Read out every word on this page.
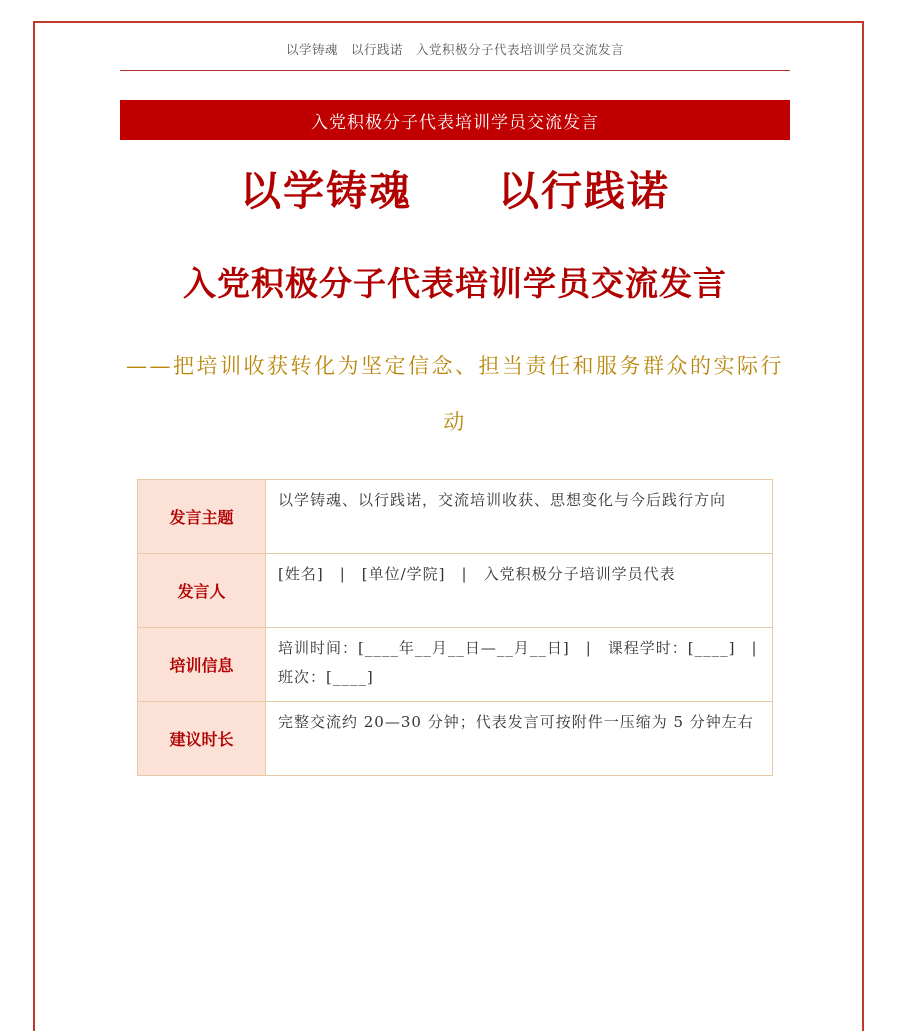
以学铸魂　以行践诺　入党积极分子代表培训学员交流发言
入党积极分子代表培训学员交流发言
以学铸魂　　以行践诺
入党积极分子代表培训学员交流发言
——把培训收获转化为坚定信念、担当责任和服务群众的实际行动
发言主题	以学铸魂、以行践诺，交流培训收获、思想变化与今后践行方向
发言人	[姓名]　|　[单位/学院]　|　入党积极分子培训学员代表
培训信息	培训时间：[____年__月__日—__月__日]　|　课程学时：[____]　|　班次：[____]
建议时长	完整交流约 20—30 分钟；代表发言可按附件一压缩为 5 分钟左右
